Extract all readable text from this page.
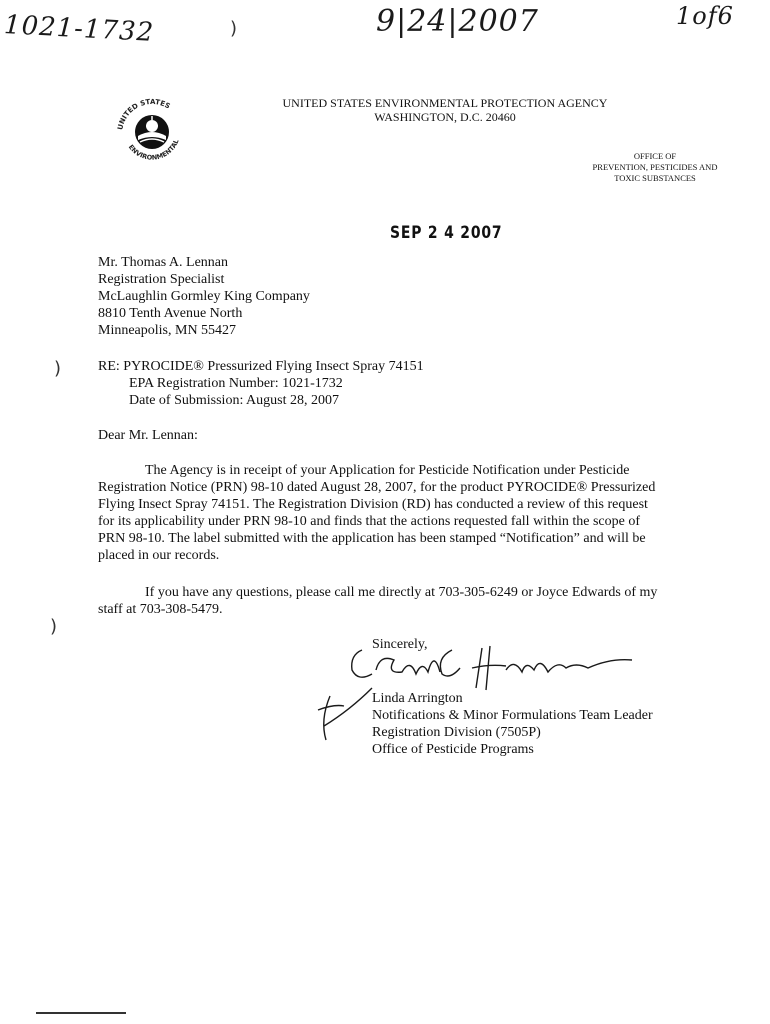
1021-1732	9|24|2007	1of6
)
UNITED STATES
ENVIRONMENTAL
UNITED STATES ENVIRONMENTAL PROTECTION AGENCY
WASHINGTON, D.C. 20460
OFFICE OF
PREVENTION, PESTICIDES AND
TOXIC SUBSTANCES
SEP 2 4 2007
Mr. Thomas A. Lennan
Registration Specialist
McLaughlin Gormley King Company
8810 Tenth Avenue North
Minneapolis, MN 55427
)	RE: PYROCIDE® Pressurized Flying Insect Spray 74151
EPA Registration Number: 1021-1732
Date of Submission: August 28, 2007
Dear Mr. Lennan:
The Agency is in receipt of your Application for Pesticide Notification under Pesticide
Registration Notice (PRN) 98-10 dated August 28, 2007, for the product PYROCIDE® Pressurized
Flying Insect Spray 74151. The Registration Division (RD) has conducted a review of this request
for its applicability under PRN 98-10 and finds that the actions requested fall within the scope of
PRN 98-10. The label submitted with the application has been stamped “Notification” and will be
placed in our records.
If you have any questions, please call me directly at 703-305-6249 or Joyce Edwards of my
staff at 703-308-5479.
)
Sincerely,
Linda Arrington
Notifications & Minor Formulations Team Leader
Registration Division (7505P)
Office of Pesticide Programs
